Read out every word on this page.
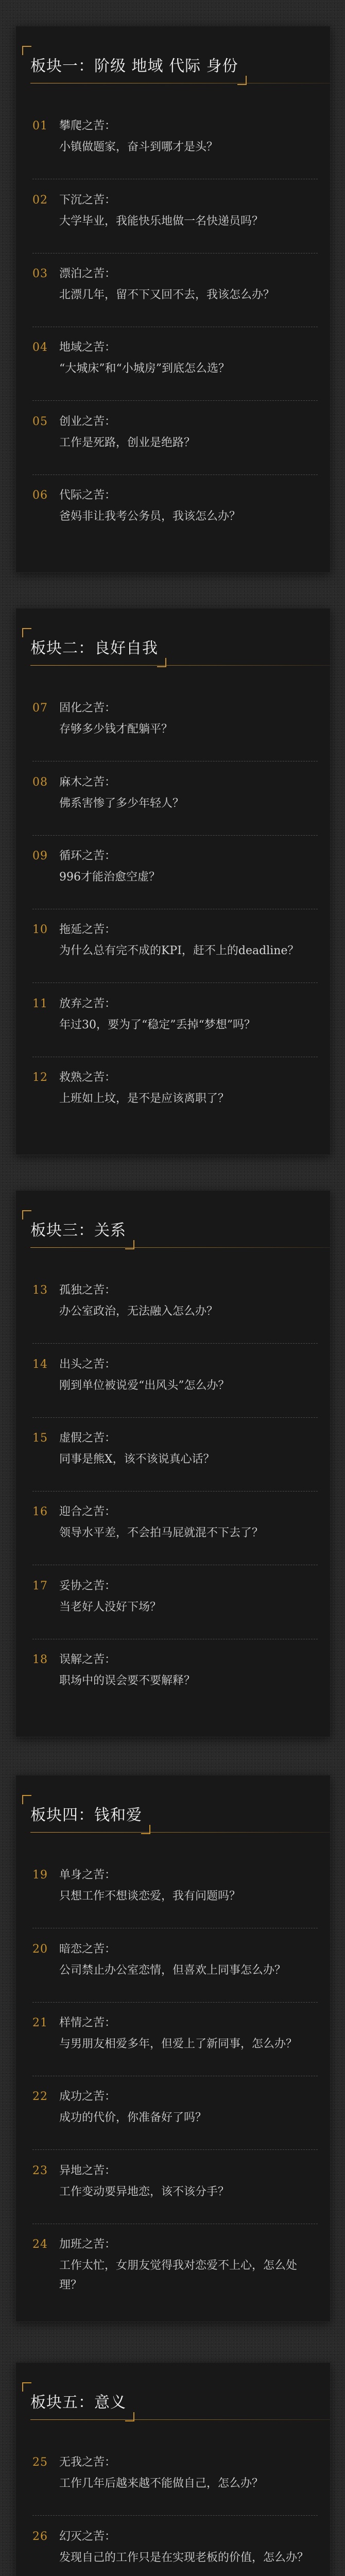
板块一：阶级 地域 代际 身份
01	攀爬之苦：
小镇做题家，奋斗到哪才是头？
02	下沉之苦：
大学毕业，我能快乐地做一名快递员吗？
03	漂泊之苦：
北漂几年，留不下又回不去，我该怎么办？
04	地域之苦：
“大城床”和“小城房”到底怎么选？
05	创业之苦：
工作是死路，创业是绝路？
06	代际之苦：
爸妈非让我考公务员，我该怎么办？
板块二：良好自我
07	固化之苦：
存够多少钱才配躺平？
08	麻木之苦：
佛系害惨了多少年轻人？
09	循环之苦：
996才能治愈空虚？
10	拖延之苦：
为什么总有完不成的KPI，赶不上的deadline？
11	放弃之苦：
年过30，要为了“稳定”丢掉“梦想”吗？
12	救熟之苦：
上班如上坟，是不是应该离职了？
板块三：关系
13	孤独之苦：
办公室政治，无法融入怎么办？
14	出头之苦：
刚到单位被说爱“出风头”怎么办？
15	虚假之苦：
同事是熊X，该不该说真心话？
16	迎合之苦：
领导水平差，不会拍马屁就混不下去了？
17	妥协之苦：
当老好人没好下场？
18	误解之苦：
职场中的误会要不要解释？
板块四：钱和爱
19	单身之苦：
只想工作不想谈恋爱，我有问题吗？
20	暗恋之苦：
公司禁止办公室恋情，但喜欢上同事怎么办？
21	样情之苦：
与男朋友相爱多年，但爱上了新同事，怎么办？
22	成功之苦：
成功的代价，你准备好了吗？
23	异地之苦：
工作变动要异地恋，该不该分手？
24	加班之苦：
工作太忙，女朋友觉得我对恋爱不上心，怎么处理？
板块五：意义
25	无我之苦：
工作几年后越来越不能做自己，怎么办？
26	幻灭之苦：
发现自己的工作只是在实现老板的价值，怎么办？
